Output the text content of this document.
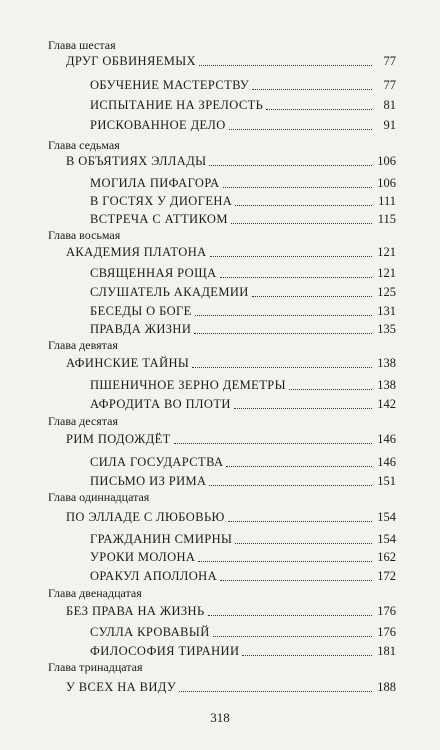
Глава шестая
ДРУГ ОБВИНЯЕМЫХ	77
ОБУЧЕНИЕ МАСТЕРСТВУ	77
ИСПЫТАНИЕ НА ЗРЕЛОСТЬ	81
РИСКОВАННОЕ ДЕЛО	91
Глава седьмая
В ОБЪЯТИЯХ ЭЛЛАДЫ	106
МОГИЛА ПИФАГОРА	106
В ГОСТЯХ У ДИОГЕНА	111
ВСТРЕЧА С АТТИКОМ	115
Глава восьмая
АКАДЕМИЯ ПЛАТОНА	121
СВЯЩЕННАЯ РОЩА	121
СЛУШАТЕЛЬ АКАДЕМИИ	125
БЕСЕДЫ О БОГЕ	131
ПРАВДА ЖИЗНИ	135
Глава девятая
АФИНСКИЕ ТАЙНЫ	138
ПШЕНИЧНОЕ ЗЕРНО ДЕМЕТРЫ	138
АФРОДИТА ВО ПЛОТИ	142
Глава десятая
РИМ ПОДОЖДЁТ	146
СИЛА ГОСУДАРСТВА	146
ПИСЬМО ИЗ РИМА	151
Глава одиннадцатая
ПО ЭЛЛАДЕ С ЛЮБОВЬЮ	154
ГРАЖДАНИН СМИРНЫ	154
УРОКИ МОЛОНА	162
ОРАКУЛ АПОЛЛОНА	172
Глава двенадцатая
БЕЗ ПРАВА НА ЖИЗНЬ	176
СУЛЛА КРОВАВЫЙ	176
ФИЛОСОФИЯ ТИРАНИИ	181
Глава тринадцатая
У ВСЕХ НА ВИДУ	188
318
